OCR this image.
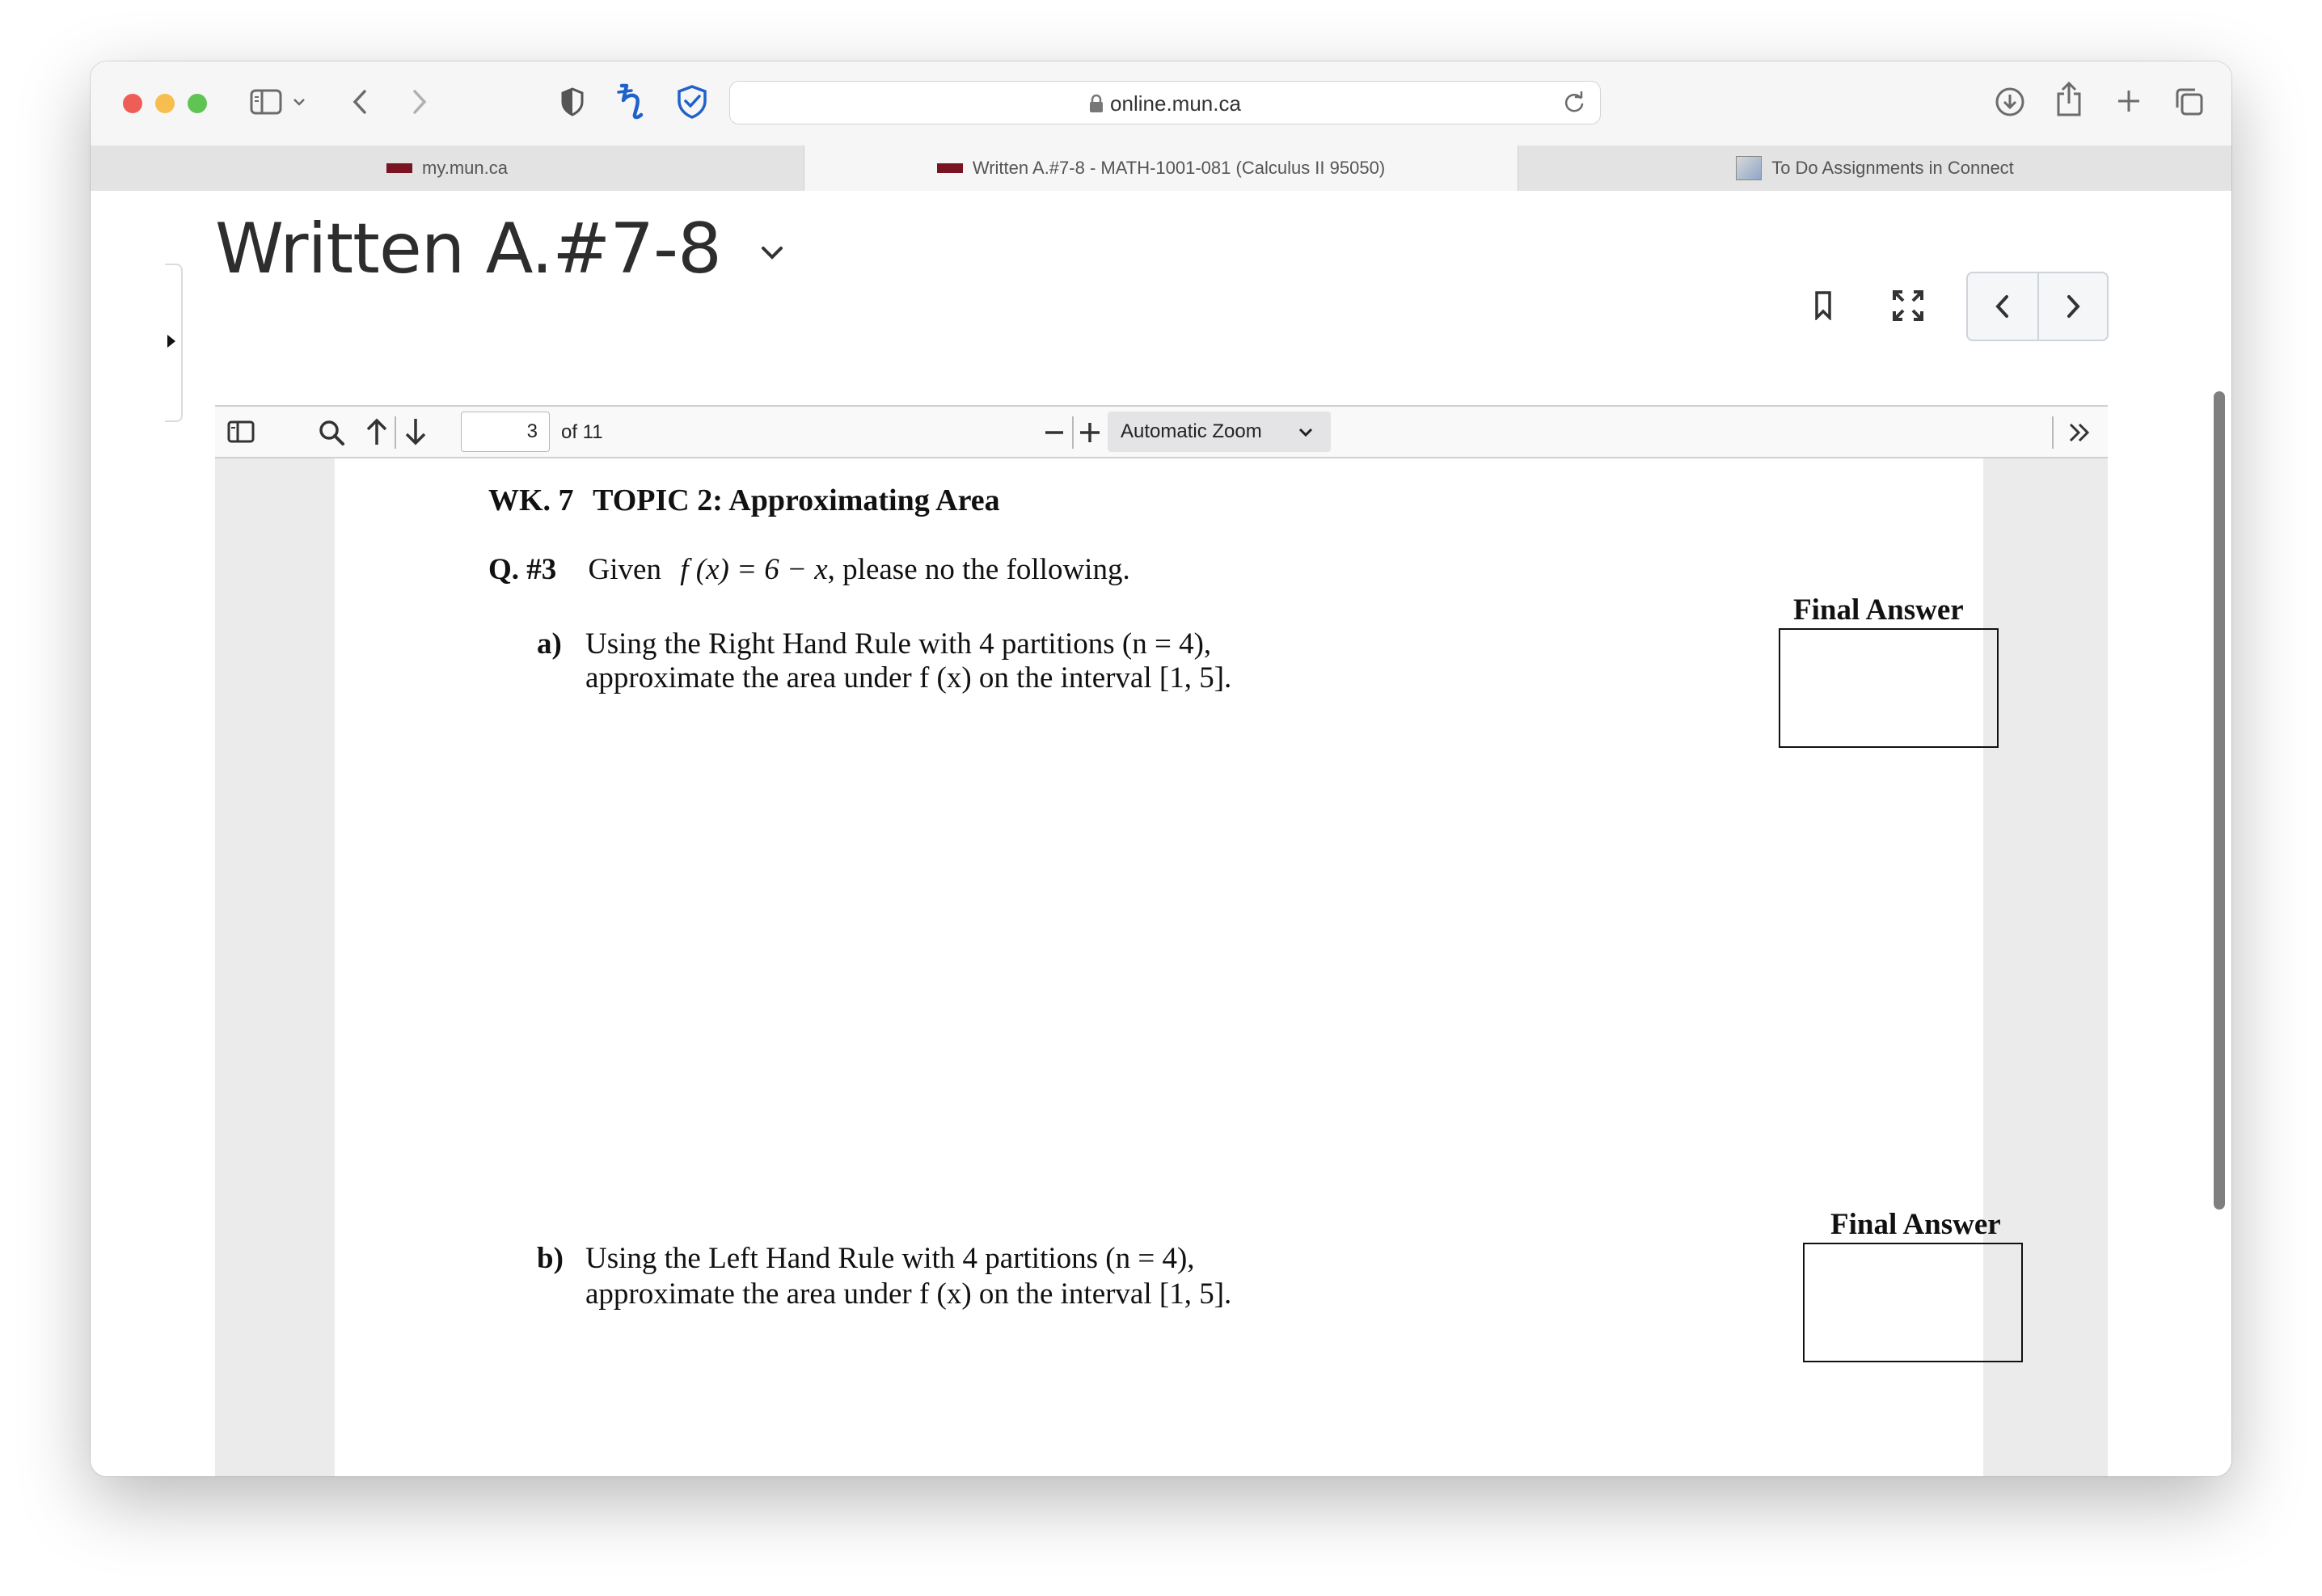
online.mun.ca
my.mun.ca	Written A.#7-8 - MATH-1001-081 (Calculus II 95050)	To Do Assignments in Connect
Written A.#7-8
3	of 11	Automatic Zoom
WK. 7 TOPIC 2: Approximating Area
Q. #3 Given f (x) = 6 − x, please no the following.
Final Answer
a) Using the Right Hand Rule with 4 partitions (n = 4),
approximate the area under f (x) on the interval [1, 5].
Final Answer
b) Using the Left Hand Rule with 4 partitions (n = 4),
approximate the area under f (x) on the interval [1, 5].
